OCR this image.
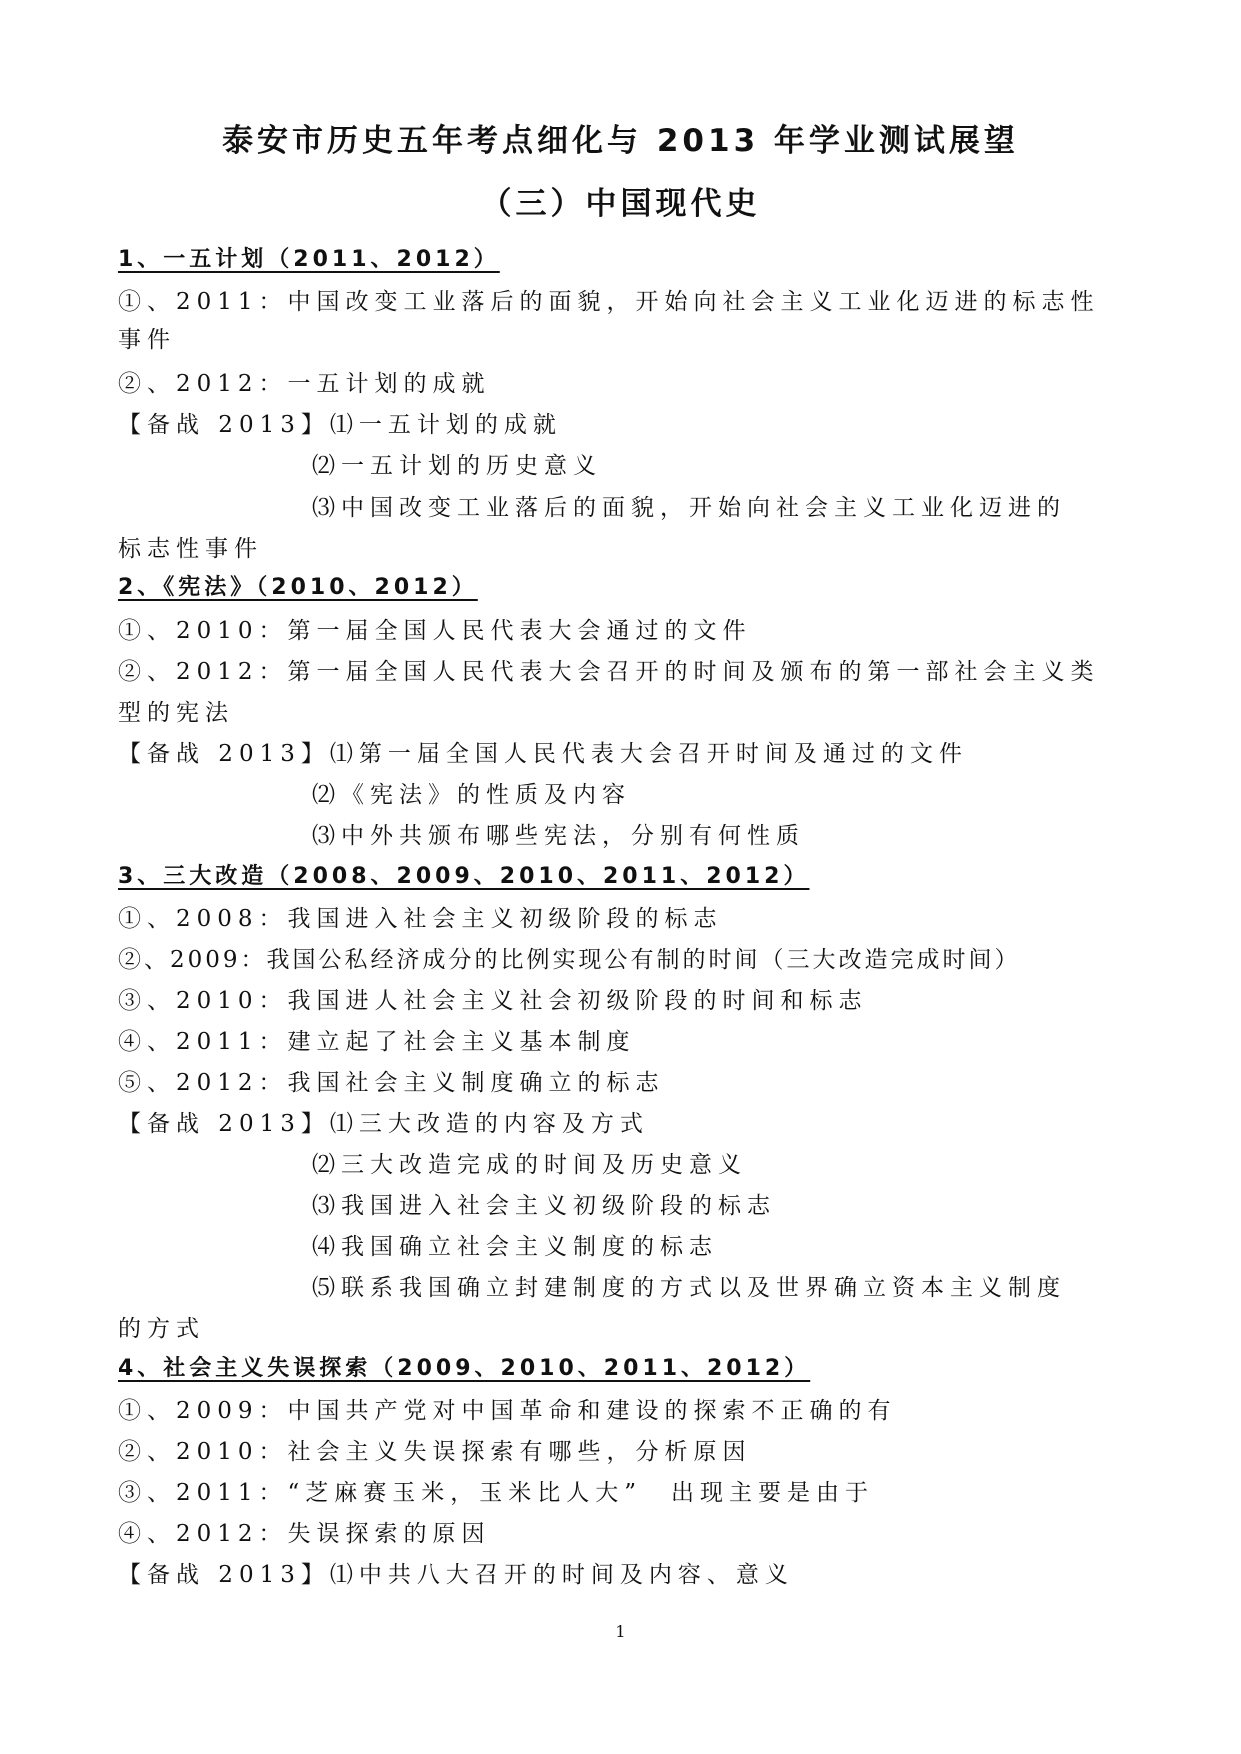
泰安市历史五年考点细化与 2013 年学业测试展望
（三）中国现代史
1、一五计划（2011、2012）
①、2011：中国改变工业落后的面貌，开始向社会主义工业化迈进的标志性
事件
②、2012：一五计划的成就
【备战 2013】⑴一五计划的成就
⑵一五计划的历史意义
⑶中国改变工业落后的面貌，开始向社会主义工业化迈进的
标志性事件
2、《宪法》（2010、2012）
①、2010：第一届全国人民代表大会通过的文件
②、2012：第一届全国人民代表大会召开的时间及颁布的第一部社会主义类
型的宪法
【备战 2013】⑴第一届全国人民代表大会召开时间及通过的文件
⑵《宪法》的性质及内容
⑶中外共颁布哪些宪法，分别有何性质
3、三大改造（2008、2009、2010、2011、2012）
①、2008：我国进入社会主义初级阶段的标志
②、2009：我国公私经济成分的比例实现公有制的时间（三大改造完成时间）
③、2010：我国进人社会主义社会初级阶段的时间和标志
④、2011：建立起了社会主义基本制度
⑤、2012：我国社会主义制度确立的标志
【备战 2013】⑴三大改造的内容及方式
⑵三大改造完成的时间及历史意义
⑶我国进入社会主义初级阶段的标志
⑷我国确立社会主义制度的标志
⑸联系我国确立封建制度的方式以及世界确立资本主义制度
的方式
4、社会主义失误探索（2009、2010、2011、2012）
①、2009：中国共产党对中国革命和建设的探索不正确的有
②、2010：社会主义失误探索有哪些，分析原因
③、2011：“芝麻赛玉米，玉米比人大”　出现主要是由于
④、2012：失误探索的原因
【备战 2013】⑴中共八大召开的时间及内容、意义
1
